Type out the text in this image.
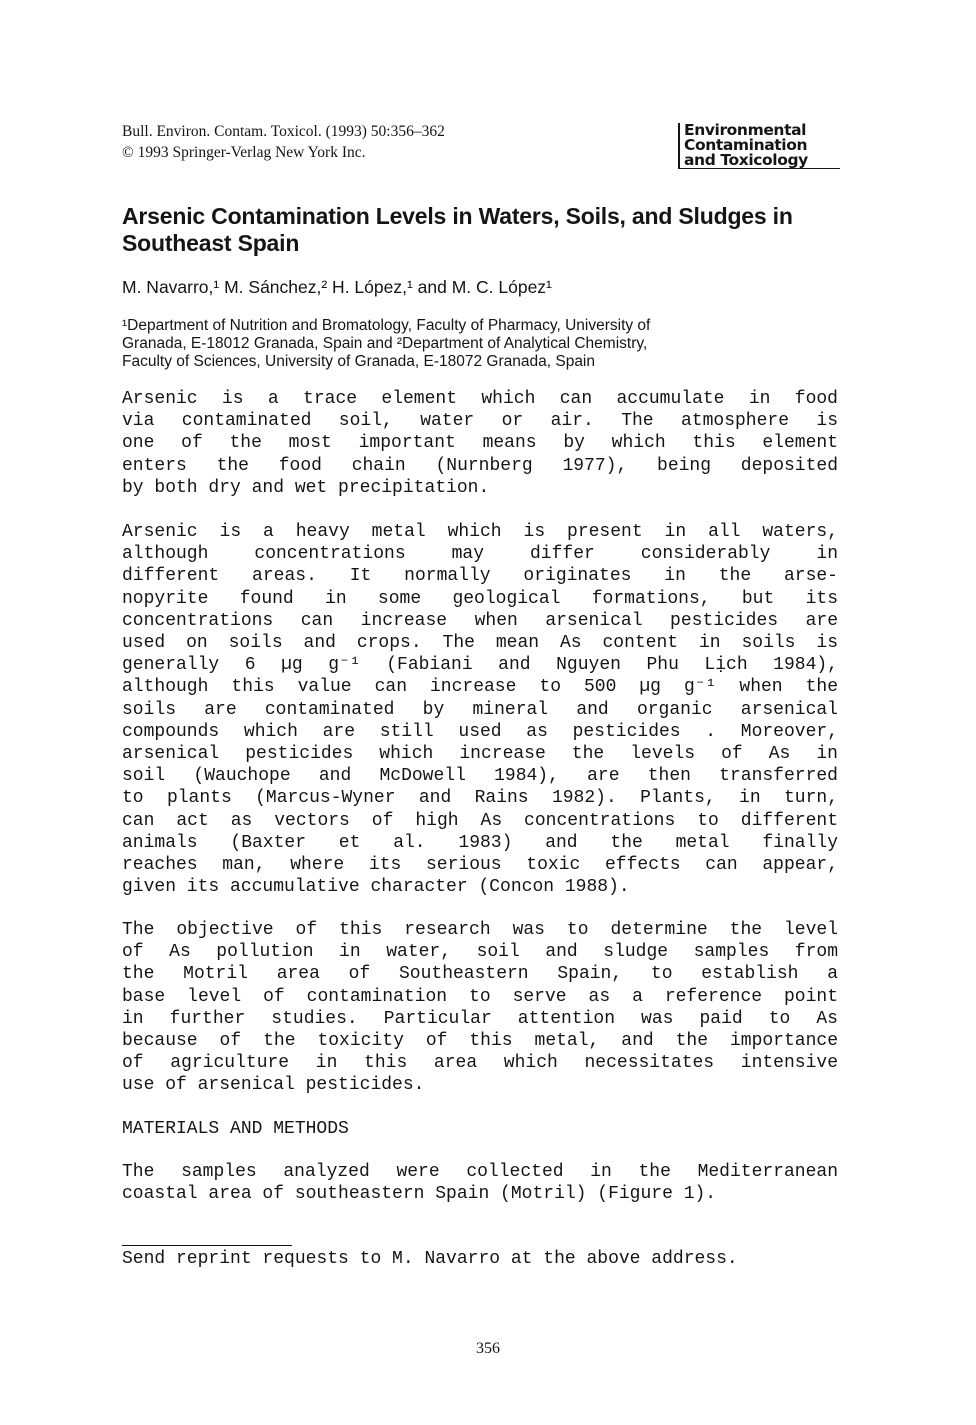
Bull. Environ. Contam. Toxicol. (1993) 50:356–362
© 1993 Springer-Verlag New York Inc.
Environmental
Contamination
and Toxicology
Arsenic Contamination Levels in Waters, Soils, and Sludges in Southeast Spain
M. Navarro,¹ M. Sánchez,² H. López,¹ and M. C. López¹
¹Department of Nutrition and Bromatology, Faculty of Pharmacy, University of
Granada, E-18012 Granada, Spain and ²Department of Analytical Chemistry,
Faculty of Sciences, University of Granada, E-18072 Granada, Spain
Arsenic is a trace element which can accumulate in food
via contaminated soil, water or air. The atmosphere is
one of the most important means by which this element
enters the food chain (Nurnberg 1977), being deposited
by both dry and wet precipitation.
Arsenic is a heavy metal which is present in all waters,
although concentrations may differ considerably in
different areas. It normally originates in the arse-
nopyrite found in some geological formations, but its
concentrations can increase when arsenical pesticides are
used on soils and crops. The mean As content in soils is
generally 6 µg g⁻¹ (Fabiani and Nguyen Phu Lịch 1984),
although this value can increase to 500 µg g⁻¹ when the
soils are contaminated by mineral and organic arsenical
compounds which are still used as pesticides . Moreover,
arsenical pesticides which increase the levels of As in
soil (Wauchope and McDowell 1984), are then transferred
to plants (Marcus-Wyner and Rains 1982). Plants, in turn,
can act as vectors of high As concentrations to different
animals (Baxter et al. 1983) and the metal finally
reaches man, where its serious toxic effects can appear,
given its accumulative character (Concon 1988).
The objective of this research was to determine the level
of As pollution in water, soil and sludge samples from
the Motril area of Southeastern Spain, to establish a
base level of contamination to serve as a reference point
in further studies. Particular attention was paid to As
because of the toxicity of this metal, and the importance
of agriculture in this area which necessitates intensive
use of arsenical pesticides.
MATERIALS AND METHODS
The samples analyzed were collected in the Mediterranean
coastal area of southeastern Spain (Motril) (Figure 1).
Send reprint requests to M. Navarro at the above address.
356
